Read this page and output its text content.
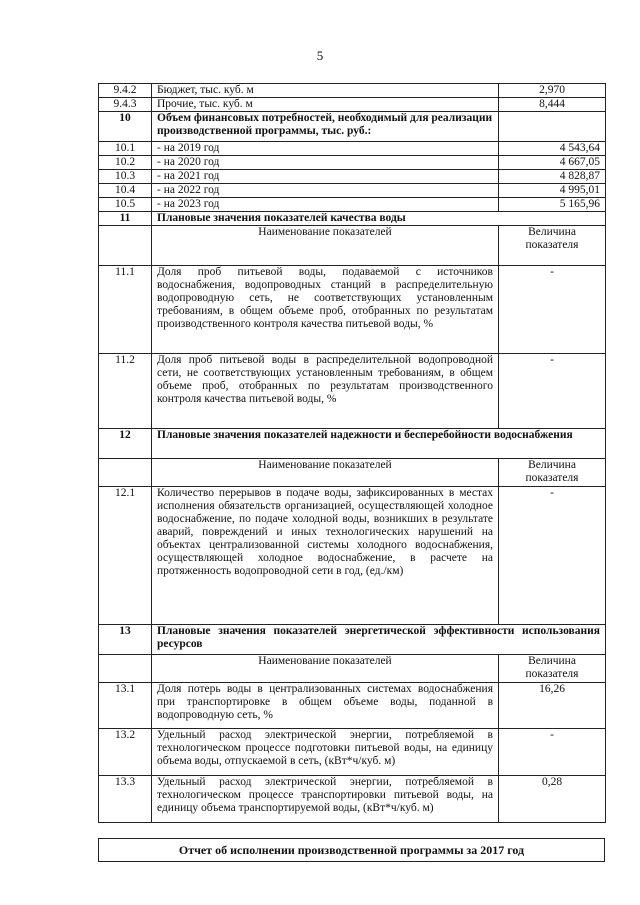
5
9.4.2	Бюджет, тыс. куб. м	2,970
9.4.3	Прочие, тыс. куб. м	8,444
10	Объем финансовых потребностей, необходимый для реализации производственной программы, тыс. руб.:	
10.1	- на 2019 год	4 543,64
10.2	- на 2020 год	4 667,05
10.3	- на 2021 год	4 828,87
10.4	- на 2022 год	4 995,01
10.5	- на 2023 год	5 165,96
11	Плановые значения показателей качества воды	
	Наименование показателей	Величина показателя
11.1	Доля проб питьевой воды, подаваемой с источников водоснабжения, водопроводных станций в распределительную водопроводную сеть, не соответствующих установленным требованиям, в общем объеме проб, отобранных по результатам производственного контроля качества питьевой воды, %	-
11.2	Доля проб питьевой воды в распределительной водопроводной сети, не соответствующих установленным требованиям, в общем объеме проб, отобранных по результатам производственного контроля качества питьевой воды, %	-
12	Плановые значения показателей надежности и бесперебойности водоснабжения	
	Наименование показателей	Величина показателя
12.1	Количество перерывов в подаче воды, зафиксированных в местах исполнения обязательств организацией, осуществляющей холодное водоснабжение, по подаче холодной воды, возникших в результате аварий, повреждений и иных технологических нарушений на объектах централизованной системы холодного водоснабжения, осуществляющей холодное водоснабжение, в расчете на протяженность водопроводной сети в год, (ед./км)	-
13	Плановые значения показателей энергетической эффективности использования ресурсов	
	Наименование показателей	Величина показателя
13.1	Доля потерь воды в централизованных системах водоснабжения при транспортировке в общем объеме воды, поданной в водопроводную сеть, %	16,26
13.2	Удельный расход электрической энергии, потребляемой в технологическом процессе подготовки питьевой воды, на единицу объема воды, отпускаемой в сеть, (кВт*ч/куб. м)	-
13.3	Удельный расход электрической энергии, потребляемой в технологическом процессе транспортировки питьевой воды, на единицу объема транспортируемой воды, (кВт*ч/куб. м)	0,28
Отчет об исполнении производственной программы за 2017 год
